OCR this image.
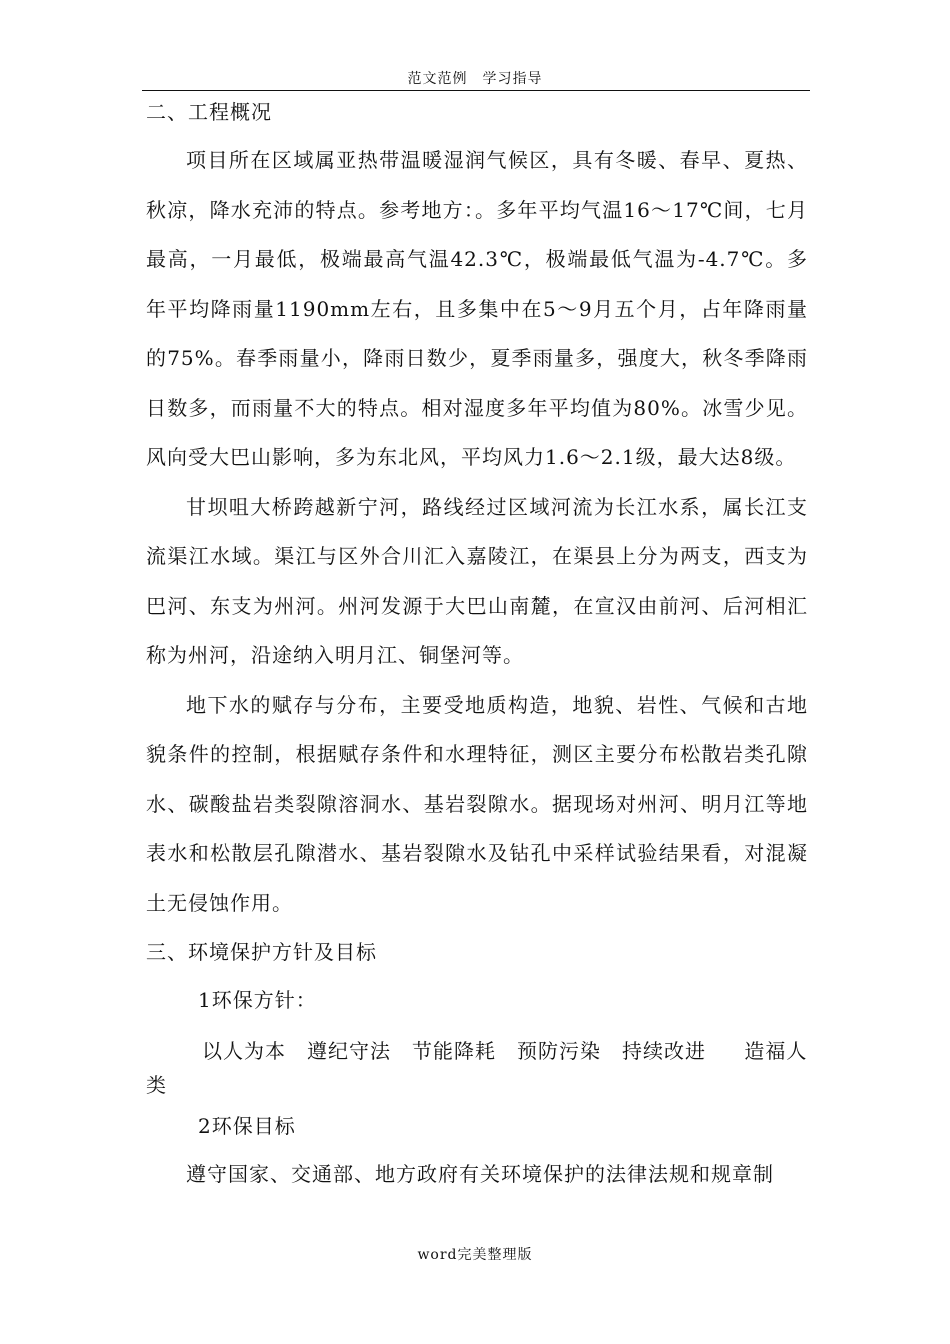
范文范例　学习指导
二、工程概况

项目所在区域属亚热带温暖湿润气候区，具有冬暖、春早、夏热、秋凉，降水充沛的特点。参考地方：。多年平均气温16～17℃间，七月最高，一月最低，极端最高气温42.3℃，极端最低气温为-4.7℃。多年平均降雨量1190mm左右，且多集中在5～9月五个月，占年降雨量的75%。春季雨量小，降雨日数少，夏季雨量多，强度大，秋冬季降雨日数多，而雨量不大的特点。相对湿度多年平均值为80%。冰雪少见。风向受大巴山影响，多为东北风，平均风力1.6～2.1级，最大达8级。

甘坝咀大桥跨越新宁河，路线经过区域河流为长江水系，属长江支流渠江水域。渠江与区外合川汇入嘉陵江，在渠县上分为两支，西支为巴河、东支为州河。州河发源于大巴山南麓，在宣汉由前河、后河相汇称为州河，沿途纳入明月江、铜堡河等。

地下水的赋存与分布，主要受地质构造，地貌、岩性、气候和古地貌条件的控制，根据赋存条件和水理特征，测区主要分布松散岩类孔隙水、碳酸盐岩类裂隙溶洞水、基岩裂隙水。据现场对州河、明月江等地表水和松散层孔隙潜水、基岩裂隙水及钻孔中采样试验结果看，对混凝土无侵蚀作用。

三、环境保护方针及目标

1环保方针：

以人为本　遵纪守法　节能降耗　预防污染　持续改进　 造福人类

2环保目标

遵守国家、交通部、地方政府有关环境保护的法律法规和规章制

word完美整理版
